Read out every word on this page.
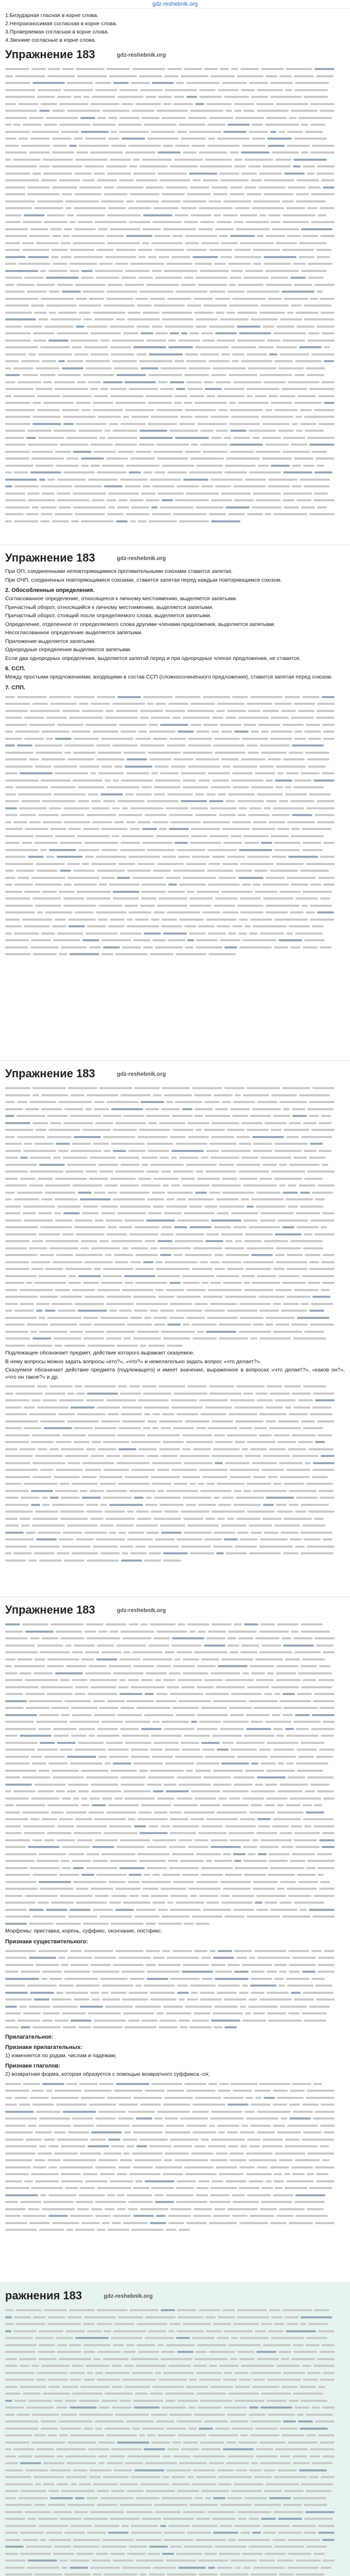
gdz-reshebnik.org
1.Безударная гласная в корне слова.
2.Непроизносимая согласная в корне слова.
3.Проверяемая согласная в корне слова.
4.Звонкие согласные в корне слова.
Упражнение 183	gdz-reshebnik.org
Упражнение 183	gdz-reshebnik.org
При ОП, соединенными неповторяющимися противительными союзами ставится запятая.
При ОЧП, соединенных повторяющимися союзами, ставится запятая перед каждым повторяющимся союзом.
2. Обособленные определения.
Согласованное определение, относящееся к личному местоимению, выделяется запятыми.
Причастный оборот, относящийся к личному местоимению, выделяется запятыми.
Причастный оборот, стоящий после определяемого слова, выделяется запятыми.
Определение, отделенное от определяемого слова другими членами предложения, выделяется запятыми.
Несогласованное определение выделяется запятыми.
Приложение выделяется запятыми.
Однородные определения выделяются запятыми.
Если два однородных определения, выделяется запятой перед и при однородных членах предложения, не ставится.
6. ССП.
Между простыми предложениями, входящими в состав ССП (сложносочинённого предложения), ставится запятая перед союзом.
7. СПП.
Упражнение 183	gdz-reshebnik.org
Подлежащее обозначает предмет, действие которого выражает сказуемое.
В нему вопросы можно задать вопросы «кто?», «что?» и нежелательно задать вопрос «что делает?».
Сказуемое обозначает действие предмета (подлежащего) и имеет значение, выраженное в вопросах «что делает?», «каков он?», «что он такое?» и др.
Упражнение 183	gdz-reshebnik.org
Морфемы: приставка, корень, суффикс, окончание, постфикс.
Признаки существительного:
Прилагательное:
Признаки прилагательных:
1) изменяется по родам, числам и падежам;
Признаки глаголов:
2) возвратная форма, которая образуется с помощью возвратного суффикса -ся;
ражнения 183	gdz-reshebnik.org
